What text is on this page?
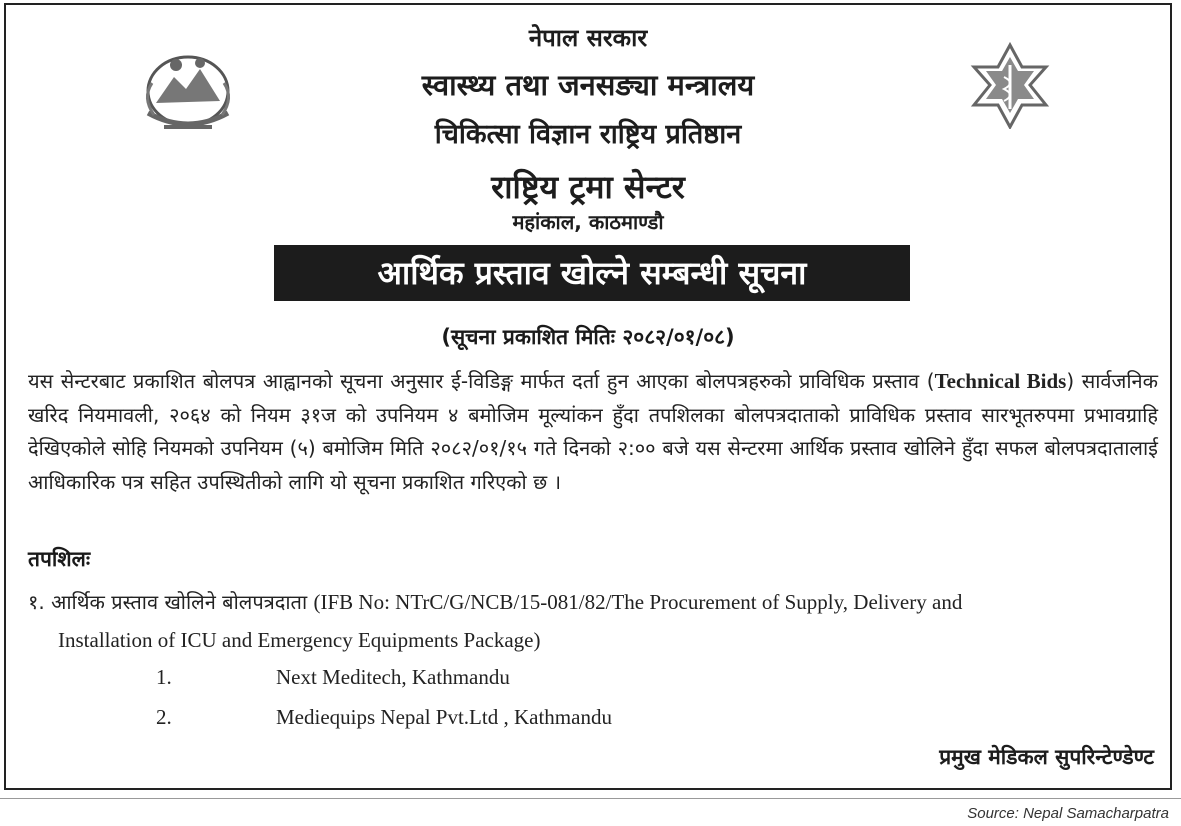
नेपाल सरकार
स्वास्थ्य तथा जनसङ्या मन्त्रालय
चिकित्सा विज्ञान राष्ट्रिय प्रतिष्ठान
राष्ट्रिय ट्रमा सेन्टर
महांकाल, काठमाण्डौ
आर्थिक प्रस्ताव खोल्ने सम्बन्धी सूचना
(सूचना प्रकाशित मितिः २०८२/०१/०८)
यस सेन्टरबाट प्रकाशित बोलपत्र आह्वानको सूचना अनुसार ई-विडिङ्ग मार्फत दर्ता हुन आएका बोलपत्रहरुको प्राविधिक प्रस्ताव (Technical Bids) सार्वजनिक खरिद नियमावली, २०६४ को नियम ३१ज को उपनियम ४ बमोजिम मूल्यांकन हुँदा तपशिलका बोलपत्रदाताको प्राविधिक प्रस्ताव सारभूतरुपमा प्रभावग्राहि देखिएकोले सोहि नियमको उपनियम (५) बमोजिम मिति २०८२/०१/१५ गते दिनको २:०० बजे यस सेन्टरमा आर्थिक प्रस्ताव खोलिने हुँदा सफल बोलपत्रदातालाई आधिकारिक पत्र सहित उपस्थितीको लागि यो सूचना प्रकाशित गरिएको छ ।
तपशिलः
१. आर्थिक प्रस्ताव खोलिने बोलपत्रदाता (IFB No: NTrC/G/NCB/15-081/82/The Procurement of Supply, Delivery and
Installation of ICU and Emergency Equipments Package)
1.	Next Meditech, Kathmandu
2.	Mediequips Nepal Pvt.Ltd , Kathmandu
प्रमुख मेडिकल सुपरिन्टेण्डेण्ट
Source: Nepal Samacharpatra
